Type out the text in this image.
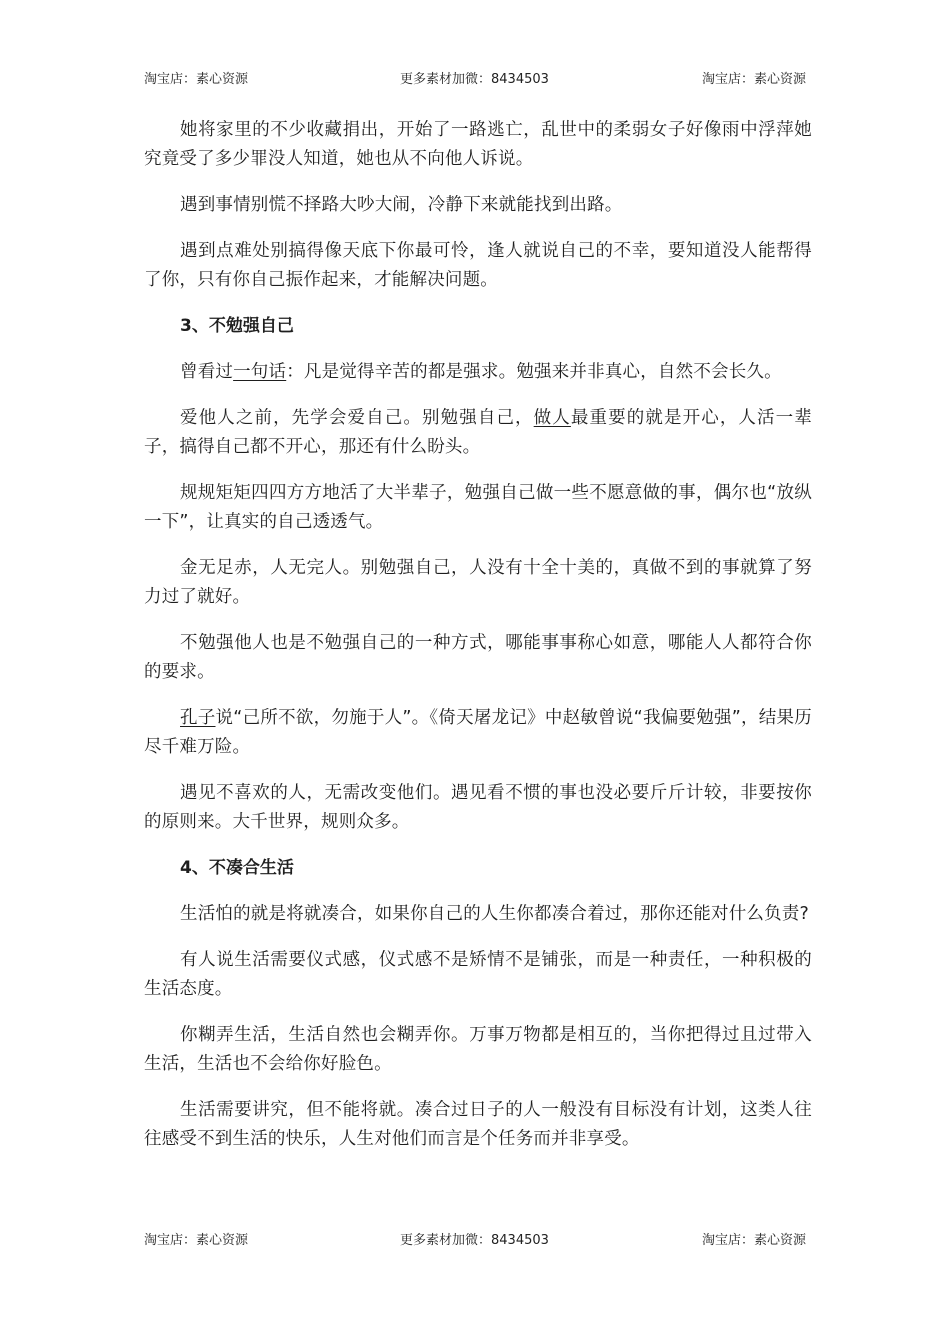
淘宝店：素心资源	更多素材加微：8434503	淘宝店：素心资源

她将家里的不少收藏捐出，开始了一路逃亡，乱世中的柔弱女子好像雨中浮萍她究竟受了多少罪没人知道，她也从不向他人诉说。

遇到事情别慌不择路大吵大闹，冷静下来就能找到出路。

遇到点难处别搞得像天底下你最可怜，逢人就说自己的不幸，要知道没人能帮得了你，只有你自己振作起来，才能解决问题。

3、不勉强自己

曾看过一句话：凡是觉得辛苦的都是强求。勉强来并非真心，自然不会长久。

爱他人之前，先学会爱自己。别勉强自己，做人最重要的就是开心，人活一辈子，搞得自己都不开心，那还有什么盼头。

规规矩矩四四方方地活了大半辈子，勉强自己做一些不愿意做的事，偶尔也“放纵一下”，让真实的自己透透气。

金无足赤，人无完人。别勉强自己，人没有十全十美的，真做不到的事就算了努力过了就好。

不勉强他人也是不勉强自己的一种方式，哪能事事称心如意，哪能人人都符合你的要求。

孔子说“己所不欲，勿施于人”。《倚天屠龙记》中赵敏曾说“我偏要勉强”，结果历尽千难万险。

遇见不喜欢的人，无需改变他们。遇见看不惯的事也没必要斤斤计较，非要按你的原则来。大千世界，规则众多。

4、不凑合生活

生活怕的就是将就凑合，如果你自己的人生你都凑合着过，那你还能对什么负责?

有人说生活需要仪式感，仪式感不是矫情不是铺张，而是一种责任，一种积极的生活态度。

你糊弄生活，生活自然也会糊弄你。万事万物都是相互的，当你把得过且过带入生活，生活也不会给你好脸色。

生活需要讲究，但不能将就。凑合过日子的人一般没有目标没有计划，这类人往往感受不到生活的快乐，人生对他们而言是个任务而并非享受。

淘宝店：素心资源	更多素材加微：8434503	淘宝店：素心资源
